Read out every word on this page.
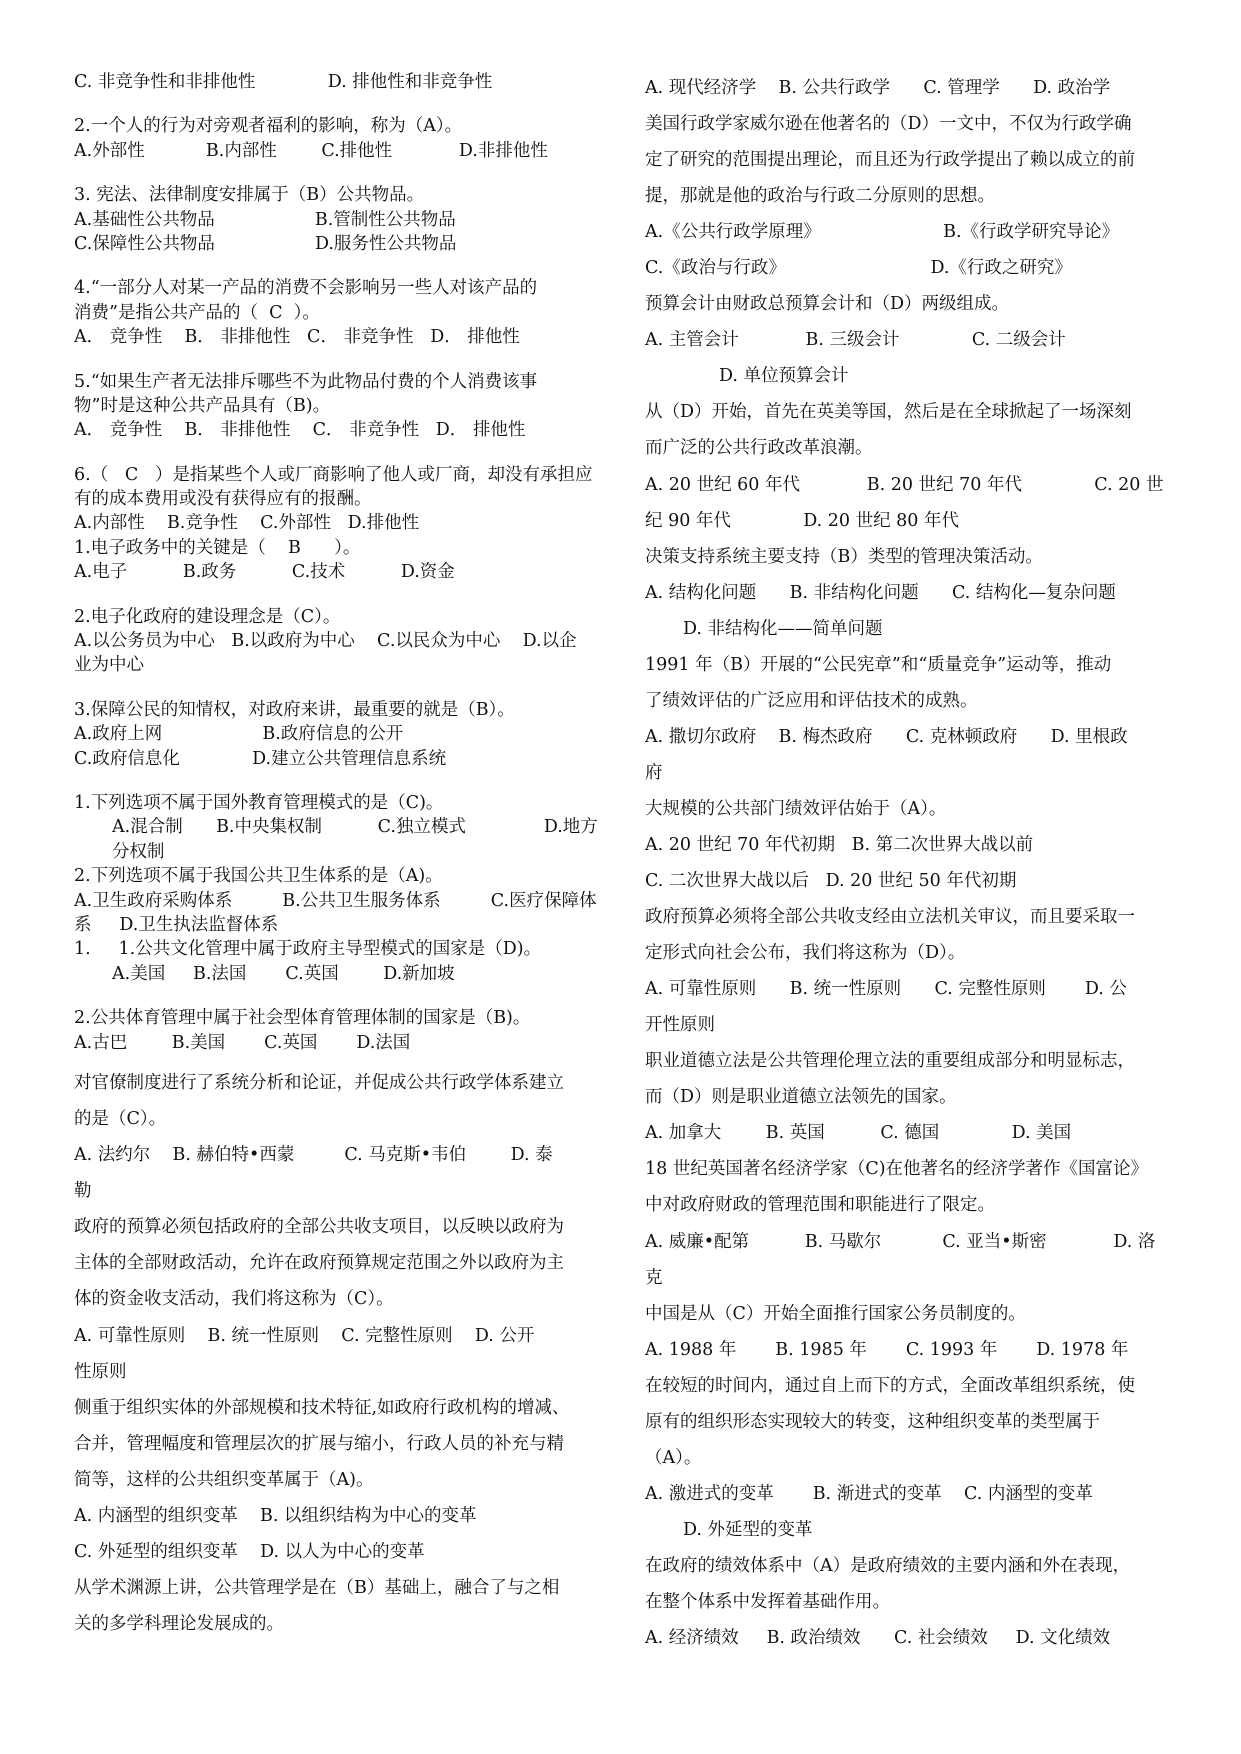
C. 非竞争性和非排他性             D. 排他性和非竞争性
2.一个人的行为对旁观者福利的影响，称为（A）。
A.外部性           B.内部性        C.排他性            D.非排他性
3. 宪法、法律制度安排属于（B）公共物品。
A.基础性公共物品                  B.管制性公共物品
C.保障性公共物品                  D.服务性公共物品
4.“一部分人对某一产品的消费不会影响另一些人对该产品的
消费”是指公共产品的（  C  ）。
A． 竞争性    B． 非排他性   C． 非竞争性   D． 排他性
5.“如果生产者无法排斥哪些不为此物品付费的个人消费该事
物”时是这种公共产品具有（B)。
A． 竞争性    B． 非排他性    C． 非竞争性   D． 排他性
6.（   C   ）是指某些个人或厂商影响了他人或厂商，却没有承担应
有的成本费用或没有获得应有的报酬。
A.内部性    B.竞争性    C.外部性   D.排他性
1.电子政务中的关键是（    B      ）。
A.电子          B.政务          C.技术          D.资金
2.电子化政府的建设理念是（C）。
A.以公务员为中心   B.以政府为中心    C.以民众为中心    D.以企
业为中心
3.保障公民的知情权，对政府来讲，最重要的就是（B）。
A.政府上网                  B.政府信息的公开
C.政府信息化             D.建立公共管理信息系统
1.下列选项不属于国外教育管理模式的是（C)。
A.混合制      B.中央集权制          C.独立模式              D.地方
分权制
2.下列选项不属于我国公共卫生体系的是（A)。
A.卫生政府采购体系         B.公共卫生服务体系         C.医疗保障体
系     D.卫生执法监督体系
1.     1.公共文化管理中属于政府主导型模式的国家是（D)。
A.美国     B.法国       C.英国        D.新加坡
2.公共体育管理中属于社会型体育管理体制的国家是（B)。
A.古巴        B.美国       C.英国       D.法国
对官僚制度进行了系统分析和论证，并促成公共行政学体系建立
的是（C）。
A. 法约尔    B. 赫伯特•西蒙         C. 马克斯•韦伯        D. 泰
勒
政府的预算必须包括政府的全部公共收支项目，以反映以政府为
主体的全部财政活动，允许在政府预算规定范围之外以政府为主
体的资金收支活动，我们将这称为（C）。
A. 可靠性原则    B. 统一性原则    C. 完整性原则    D. 公开
性原则
侧重于组织实体的外部规模和技术特征,如政府行政机构的增减、
合并，管理幅度和管理层次的扩展与缩小，行政人员的补充与精
简等，这样的公共组织变革属于（A)。
A. 内涵型的组织变革    B. 以组织结构为中心的变革
C. 外延型的组织变革    D. 以人为中心的变革
从学术渊源上讲，公共管理学是在（B）基础上，融合了与之相
关的多学科理论发展成的。
A. 现代经济学    B. 公共行政学      C. 管理学      D. 政治学
美国行政学家威尔逊在他著名的（D）一文中，不仅为行政学确
定了研究的范围提出理论，而且还为行政学提出了赖以成立的前
提，那就是他的政治与行政二分原则的思想。
A.《公共行政学原理》                      B.《行政学研究导论》
C.《政治与行政》                          D.《行政之研究》
预算会计由财政总预算会计和（D）两级组成。
A. 主管会计            B. 三级会计             C. 二级会计
D. 单位预算会计
从（D）开始，首先在英美等国，然后是在全球掀起了一场深刻
而广泛的公共行政改革浪潮。
A. 20 世纪 60 年代            B. 20 世纪 70 年代             C. 20 世
纪 90 年代             D. 20 世纪 80 年代
决策支持系统主要支持（B）类型的管理决策活动。
A. 结构化问题      B. 非结构化问题      C. 结构化—复杂问题
D. 非结构化——简单问题
1991 年（B）开展的“公民宪章”和“质量竞争”运动等，推动
了绩效评估的广泛应用和评估技术的成熟。
A. 撒切尔政府    B. 梅杰政府      C. 克林顿政府      D. 里根政
府
大规模的公共部门绩效评估始于（A）。
A. 20 世纪 70 年代初期   B. 第二次世界大战以前
C. 二次世界大战以后   D. 20 世纪 50 年代初期
政府预算必须将全部公共收支经由立法机关审议，而且要采取一
定形式向社会公布，我们将这称为（D）。
A. 可靠性原则      B. 统一性原则      C. 完整性原则       D. 公
开性原则
职业道德立法是公共管理伦理立法的重要组成部分和明显标志，
而（D）则是职业道德立法领先的国家。
A. 加拿大        B. 英国          C. 德国             D. 美国
18 世纪英国著名经济学家（C)在他著名的经济学著作《国富论》
中对政府财政的管理范围和职能进行了限定。
A. 威廉•配第          B. 马歇尔           C. 亚当•斯密            D. 洛
克
中国是从（C）开始全面推行国家公务员制度的。
A. 1988 年       B. 1985 年       C. 1993 年       D. 1978 年
在较短的时间内，通过自上而下的方式，全面改革组织系统，使
原有的组织形态实现较大的转变，这种组织变革的类型属于
（A）。
A. 激进式的变革       B. 渐进式的变革    C. 内涵型的变革
D. 外延型的变革
在政府的绩效体系中（A）是政府绩效的主要内涵和外在表现，
在整个体系中发挥着基础作用。
A. 经济绩效     B. 政治绩效      C. 社会绩效     D. 文化绩效
